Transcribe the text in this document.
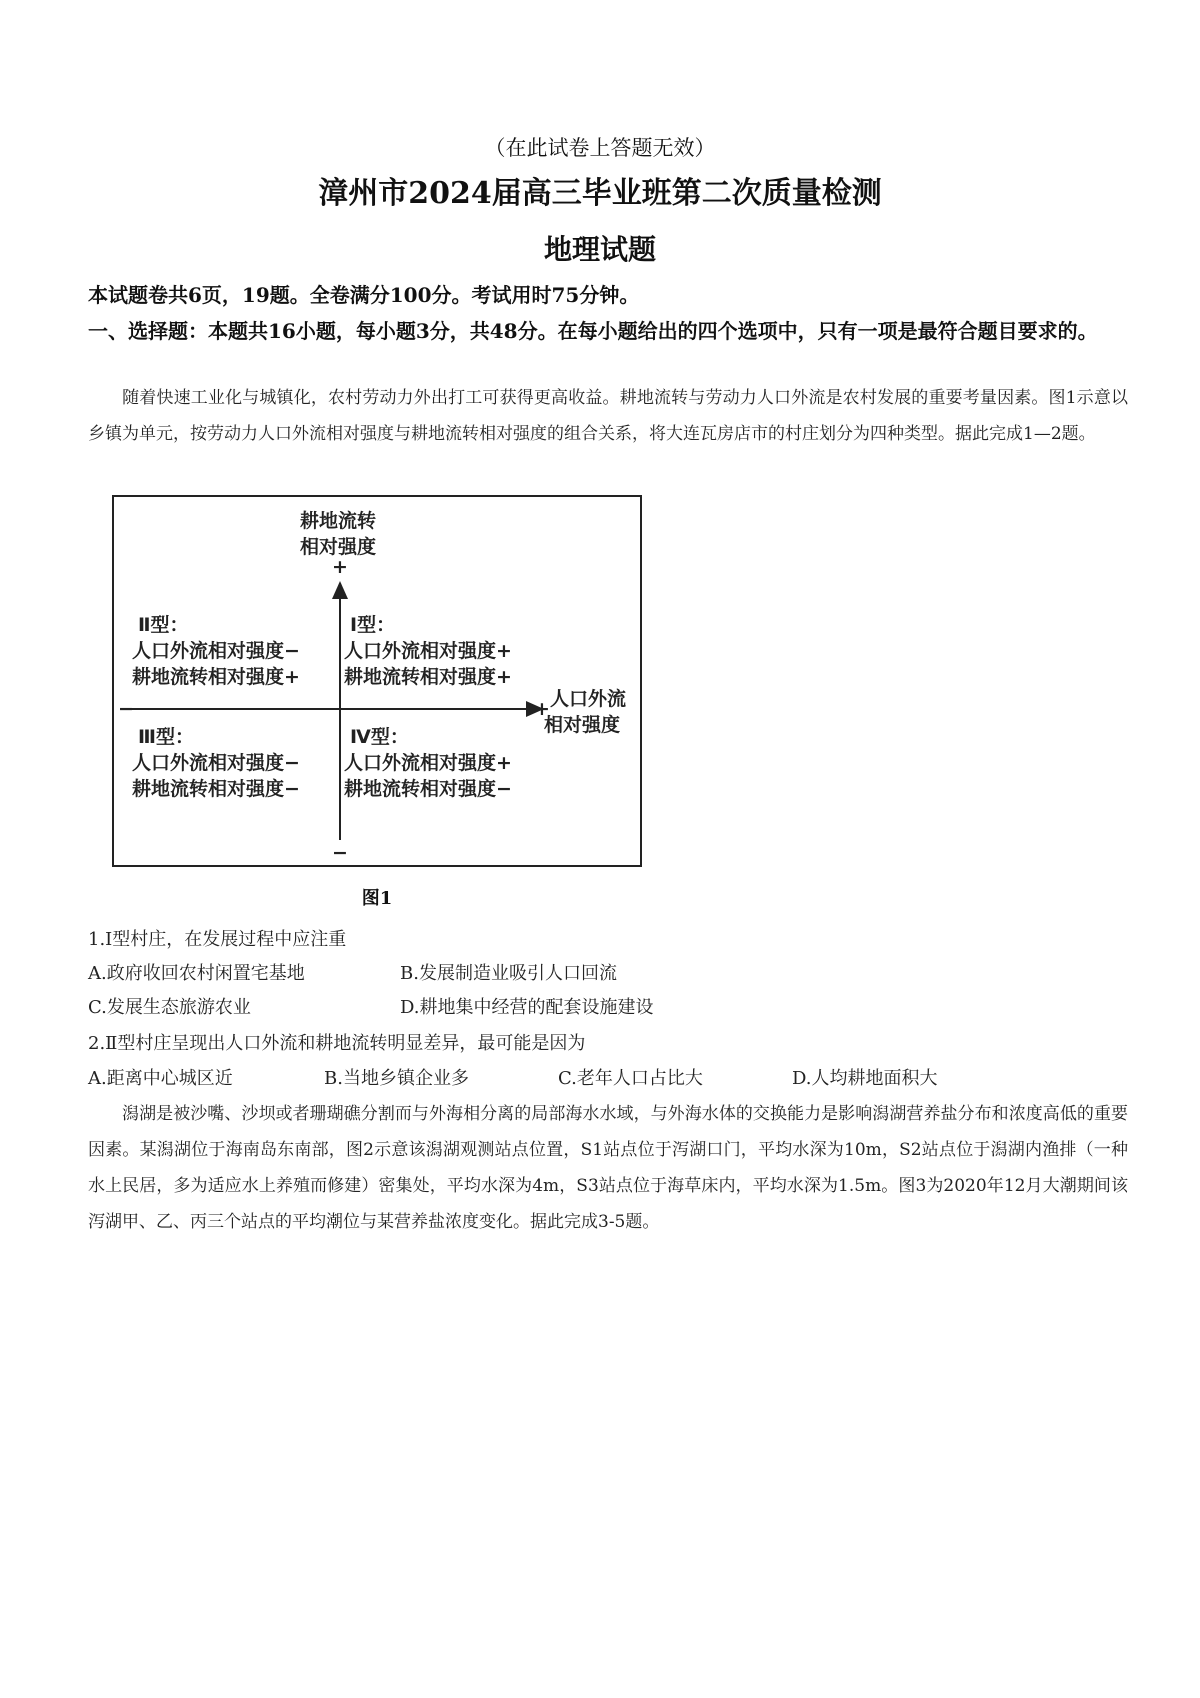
（在此试卷上答题无效）
漳州市2024届高三毕业班第二次质量检测
地理试题
本试题卷共6页，19题。全卷满分100分。考试用时75分钟。
一、选择题：本题共16小题，每小题3分，共48分。在每小题给出的四个选项中，只有一项是最符合题目要求的。
随着快速工业化与城镇化，农村劳动力外出打工可获得更高收益。耕地流转与劳动力人口外流是农村发展的重要考量因素。图1示意以乡镇为单元，按劳动力人口外流相对强度与耕地流转相对强度的组合关系，将大连瓦房店市的村庄划分为四种类型。据此完成1—2题。
耕地流转
相对强度
+
−
−	+ 人口外流
相对强度
Ⅱ型：
人口外流相对强度−
耕地流转相对强度+
Ⅰ型：
人口外流相对强度+
耕地流转相对强度+
Ⅲ型：
人口外流相对强度−
耕地流转相对强度−
Ⅳ型：
人口外流相对强度+
耕地流转相对强度−
图1
1.Ⅰ型村庄，在发展过程中应注重
A.政府收回农村闲置宅基地	B.发展制造业吸引人口回流
C.发展生态旅游农业	D.耕地集中经营的配套设施建设
2.Ⅱ型村庄呈现出人口外流和耕地流转明显差异，最可能是因为
A.距离中心城区近	B.当地乡镇企业多	C.老年人口占比大	D.人均耕地面积大
潟湖是被沙嘴、沙坝或者珊瑚礁分割而与外海相分离的局部海水水域，与外海水体的交换能力是影响潟湖营养盐分布和浓度高低的重要因素。某潟湖位于海南岛东南部，图2示意该潟湖观测站点位置，S1站点位于泻湖口门，平均水深为10m，S2站点位于潟湖内渔排（一种水上民居，多为适应水上养殖而修建）密集处，平均水深为4m，S3站点位于海草床内，平均水深为1.5m。图3为2020年12月大潮期间该泻湖甲、乙、丙三个站点的平均潮位与某营养盐浓度变化。据此完成3-5题。
